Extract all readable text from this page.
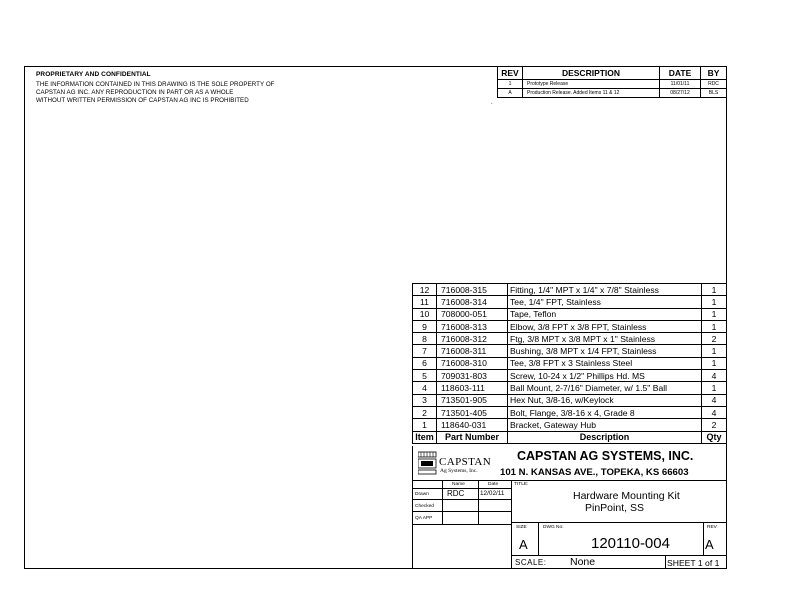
PROPRIETARY AND CONFIDENTIAL
THE INFORMATION CONTAINED IN THIS DRAWING IS THE SOLE PROPERTY OF
CAPSTAN AG INC. ANY REPRODUCTION IN PART OR AS A WHOLE
WITHOUT WRITTEN PERMISSION OF CAPSTAN AG INC IS PROHIBITED
REV	DESCRIPTION	DATE	BY
1	Prototype Release	11/01/11	RDC
A	Production Release. Added Items 11 & 12	08/27/12	BLS
.
12	716008-315	Fitting, 1/4" MPT x 1/4" x 7/8" Stainless	1
11	716008-314	Tee, 1/4" FPT, Stainless	1
10	708000-051	Tape, Teflon	1
9	716008-313	Elbow, 3/8 FPT x 3/8 FPT, Stainless	1
8	716008-312	Ftg, 3/8 MPT x 3/8 MPT x 1" Stainless	2
7	716008-311	Bushing, 3/8 MPT x 1/4 FPT, Stainless	1
6	716008-310	Tee, 3/8 FPT x 3 Stainless Steel	1
5	709031-803	Screw, 10-24 x 1/2" Phillips Hd. MS	4
4	118603-111	Ball Mount, 2-7/16" Diameter, w/ 1.5" Ball	1
3	713501-905	Hex Nut, 3/8-16, w/Keylock	4
2	713501-405	Bolt, Flange, 3/8-16 x 4, Grade 8	4
1	118640-031	Bracket, Gateway Hub	2
Item	Part Number	Description	Qty
CAPSTAN
Ag Systems, Inc.
CAPSTAN AG SYSTEMS, INC.
101 N. KANSAS AVE., TOPEKA, KS 66603
Name	Date
Drawn RDC 12/02/11
Checked
QA APP
TITLE:
Hardware Mounting Kit
PinPoint, SS
SIZE
A
DWG No:
120110-004
REV
A
SCALE: None	SHEET 1 of 1
